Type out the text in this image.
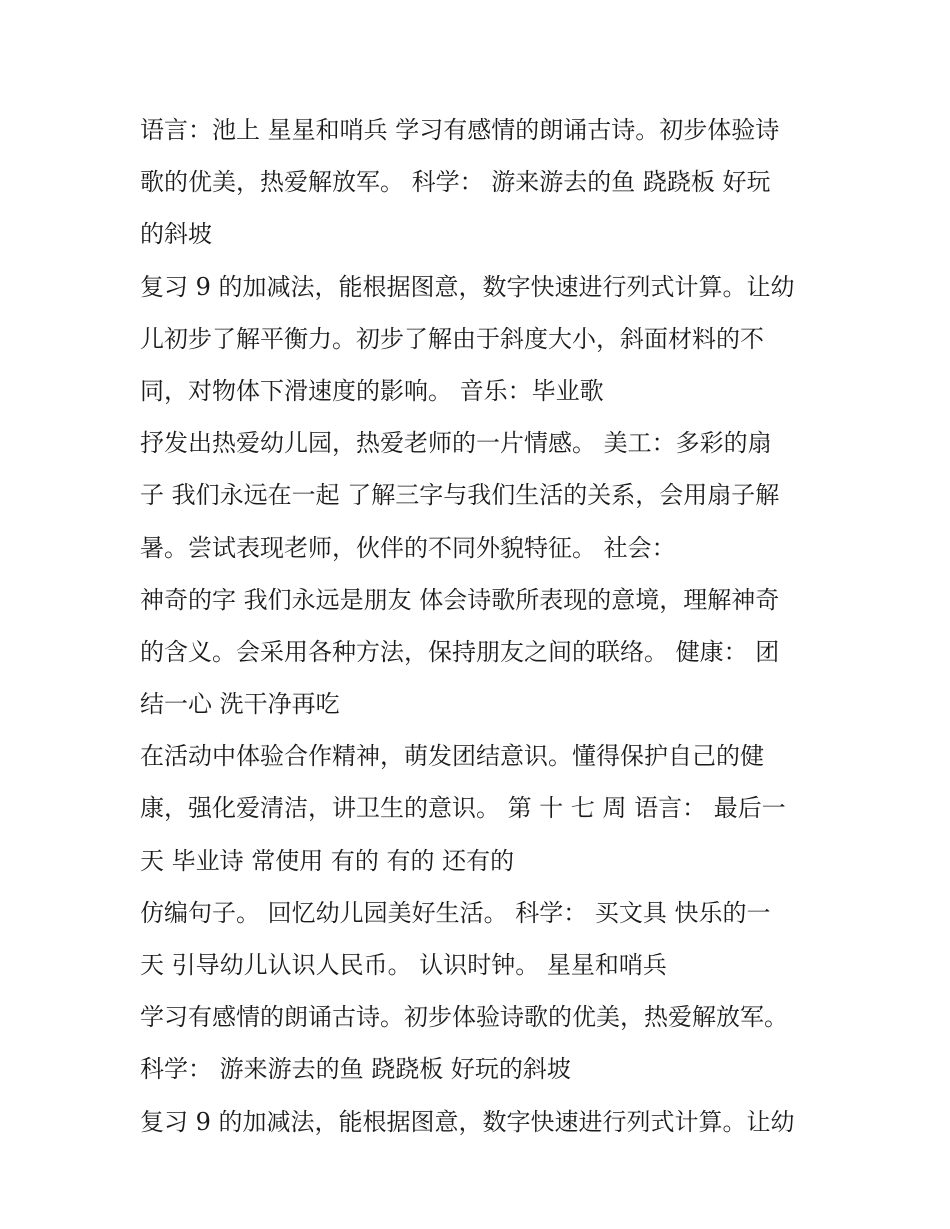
语言：池上 星星和哨兵 学习有感情的朗诵古诗。初步体验诗
歌的优美，热爱解放军。 科学： 游来游去的鱼 跷跷板 好玩
的斜坡
复习 9 的加减法，能根据图意，数字快速进行列式计算。让幼
儿初步了解平衡力。初步了解由于斜度大小，斜面材料的不
同，对物体下滑速度的影响。 音乐：毕业歌
抒发出热爱幼儿园，热爱老师的一片情感。 美工：多彩的扇
子 我们永远在一起 了解三字与我们生活的关系，会用扇子解
暑。尝试表现老师，伙伴的不同外貌特征。 社会：
神奇的字 我们永远是朋友 体会诗歌所表现的意境，理解神奇
的含义。会采用各种方法，保持朋友之间的联络。 健康： 团
结一心 洗干净再吃
在活动中体验合作精神，萌发团结意识。懂得保护自己的健
康，强化爱清洁，讲卫生的意识。 第 十 七 周 语言： 最后一
天 毕业诗 常使用 有的 有的 还有的
仿编句子。 回忆幼儿园美好生活。 科学： 买文具 快乐的一
天 引导幼儿认识人民币。 认识时钟。 星星和哨兵
学习有感情的朗诵古诗。初步体验诗歌的优美，热爱解放军。
科学： 游来游去的鱼 跷跷板 好玩的斜坡
复习 9 的加减法，能根据图意，数字快速进行列式计算。让幼
